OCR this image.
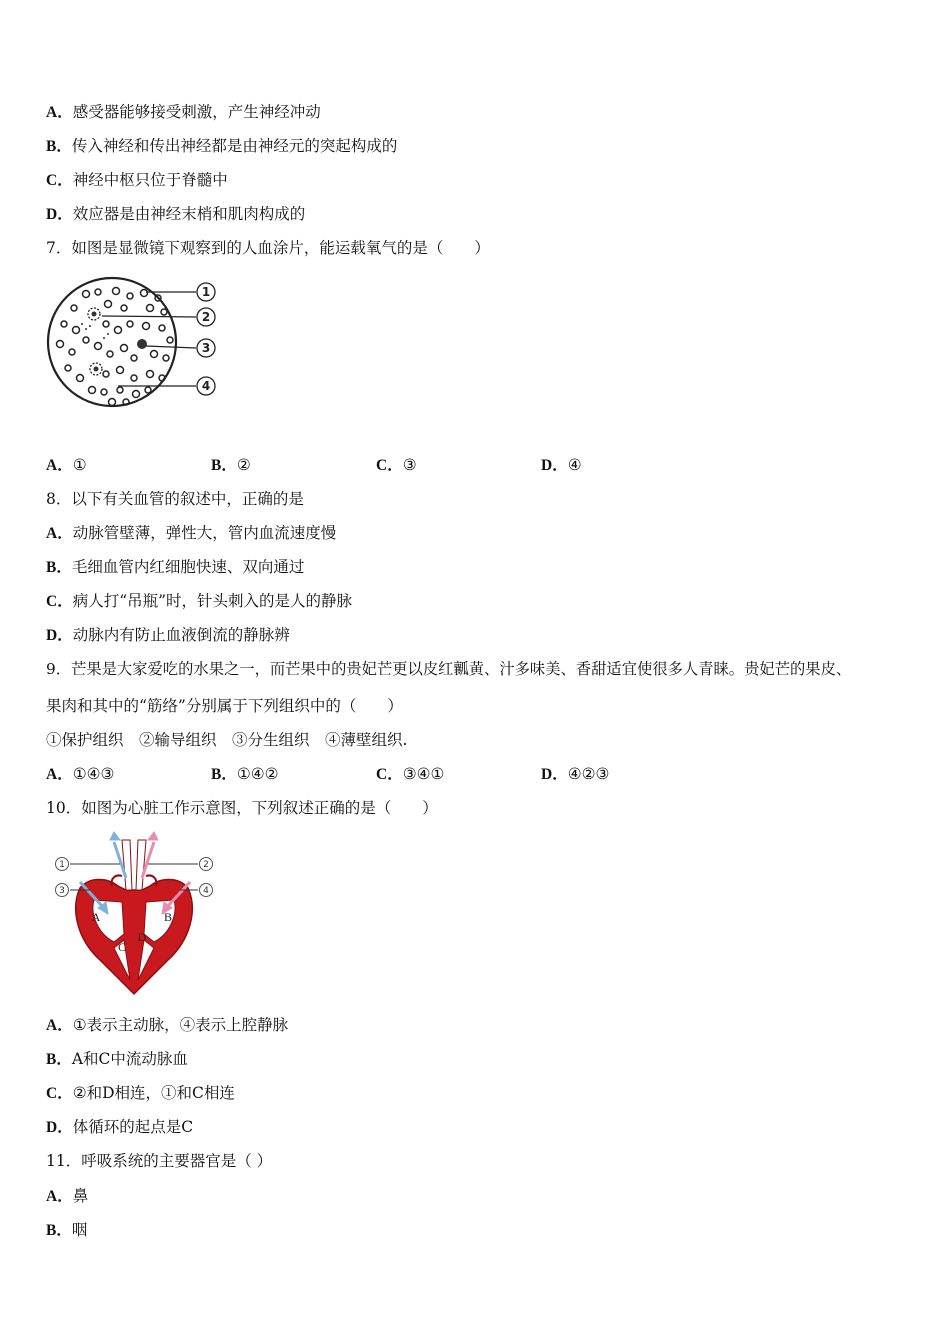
A．感受器能够接受刺激，产生神经冲动
B．传入神经和传出神经都是由神经元的突起构成的
C．神经中枢只位于脊髓中
D．效应器是由神经末梢和肌肉构成的
7．如图是显微镜下观察到的人血涂片，能运载氧气的是（　　）
1
2
3
4
A．①	B．②	C．③	D．④
8．以下有关血管的叙述中，正确的是
A．动脉管壁薄，弹性大，管内血流速度慢
B．毛细血管内红细胞快速、双向通过
C．病人打“吊瓶”时，针头刺入的是人的静脉
D．动脉内有防止血液倒流的静脉辨
9．芒果是大家爱吃的水果之一，而芒果中的贵妃芒更以皮红瓤黄、汁多味美、香甜适宜使很多人青睐。贵妃芒的果皮、
果肉和其中的“筋络”分别属于下列组织中的（　　）
①保护组织　②输导组织　③分生组织　④薄壁组织.
A．①④③	B．①④②	C．③④①	D．④②③
10．如图为心脏工作示意图，下列叙述正确的是（　　）
1	2
3	4
A	B
C
D
A．①表示主动脉，④表示上腔静脉
B．A和C中流动脉血
C．②和D相连，①和C相连
D．体循环的起点是C
11．呼吸系统的主要器官是（ ）
A．鼻
B．咽
